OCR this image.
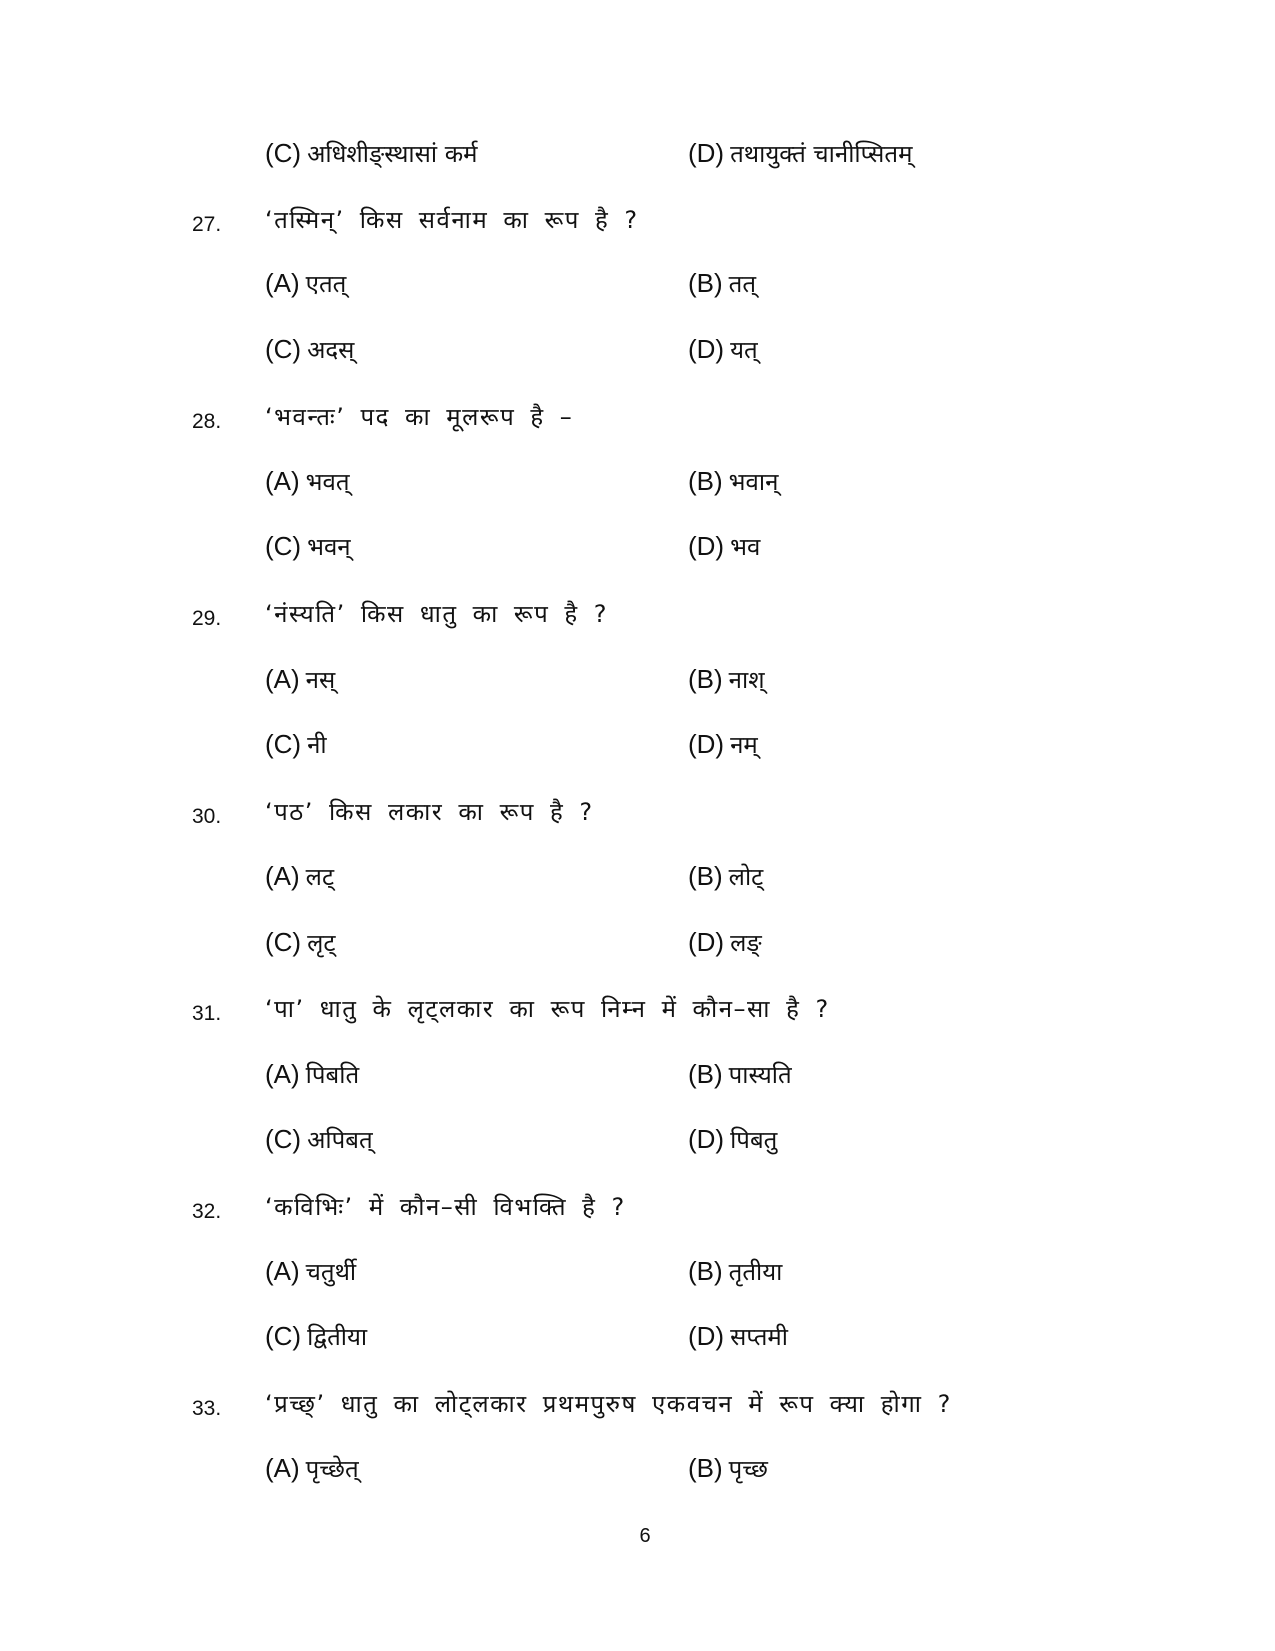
(C) अधिशीङ्स्थासां कर्म	(D) तथायुक्तं चानीप्सितम्
27. ‘तस्मिन्’ किस सर्वनाम का रूप है ?
(A) एतत्	(B) तत्
(C) अदस्	(D) यत्
28. ‘भवन्तः’ पद का मूलरूप है –
(A) भवत्	(B) भवान्
(C) भवन्	(D) भव
29. ‘नंस्यति’ किस धातु का रूप है ?
(A) नस्	(B) नाश्
(C) नी	(D) नम्
30. ‘पठ’ किस लकार का रूप है ?
(A) लट्	(B) लोट्
(C) लृट्	(D) लङ्
31. ‘पा’ धातु के लृट्लकार का रूप निम्न में कौन–सा है ?
(A) पिबति	(B) पास्यति
(C) अपिबत्	(D) पिबतु
32. ‘कविभिः’ में कौन–सी विभक्ति है ?
(A) चतुर्थी	(B) तृतीया
(C) द्वितीया	(D) सप्तमी
33. ‘प्रच्छ्’ धातु का लोट्लकार प्रथमपुरुष एकवचन में रूप क्या होगा ?
(A) पृच्छेत्	(B) पृच्छ
6
